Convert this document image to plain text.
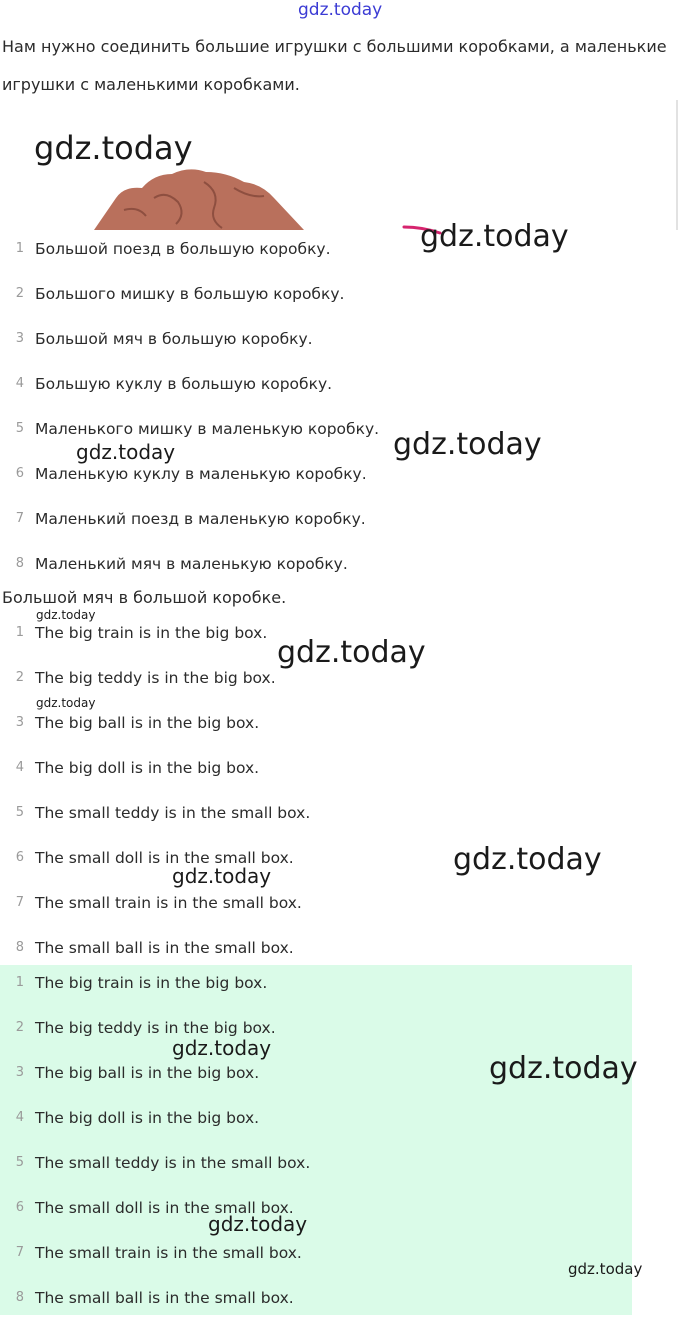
gdz.today

Нам нужно соединить большие игрушки с большими коробками, а маленькие игрушки с маленькими коробками.

1 Большой поезд в большую коробку.
2 Большого мишку в большую коробку.
3 Большой мяч в большую коробку.
4 Большую куклу в большую коробку.
5 Маленького мишку в маленькую коробку.
6 Маленькую куклу в маленькую коробку.
7 Маленький поезд в маленькую коробку.
8 Маленький мяч в маленькую коробку.
Большой мяч в большой коробке.
1 The big train is in the big box.
2 The big teddy is in the big box.
3 The big ball is in the big box.
4 The big doll is in the big box.
5 The small teddy is in the small box.
6 The small doll is in the small box.
7 The small train is in the small box.
8 The small ball is in the small box.
1 The big train is in the big box.
2 The big teddy is in the big box.
3 The big ball is in the big box.
4 The big doll is in the big box.
5 The small teddy is in the small box.
6 The small doll is in the small box.
7 The small train is in the small box.
8 The small ball is in the small box.
gdz.today
gdz.today
gdz.today
gdz.today
gdz.today
gdz.today
gdz.today
gdz.today
gdz.today
gdz.today
gdz.today
gdz.today
gdz.today
